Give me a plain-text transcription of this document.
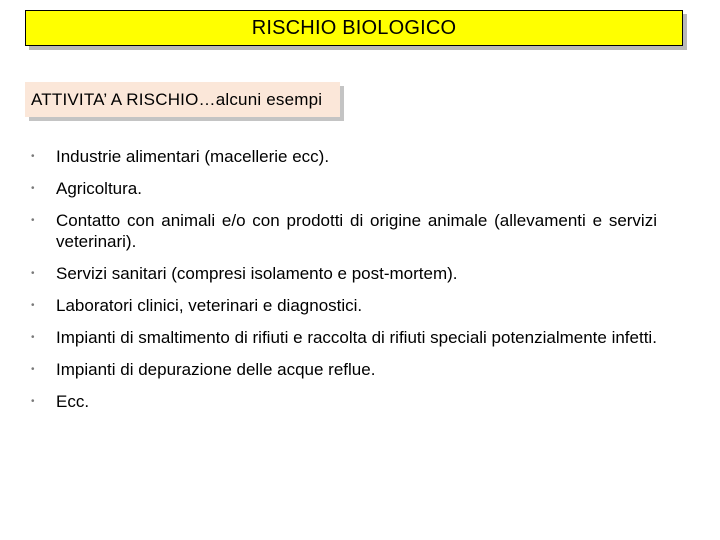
RISCHIO BIOLOGICO
ATTIVITA’ A RISCHIO…alcuni esempi
• Industrie alimentari (macellerie ecc).
• Agricoltura.
• Contatto con animali e/o con prodotti di origine animale (allevamenti e servizi veterinari).
• Servizi sanitari (compresi isolamento e post-mortem).
• Laboratori clinici, veterinari e diagnostici.
• Impianti di smaltimento di rifiuti e raccolta di rifiuti speciali potenzialmente infetti.
• Impianti di depurazione delle acque reflue.
• Ecc.
